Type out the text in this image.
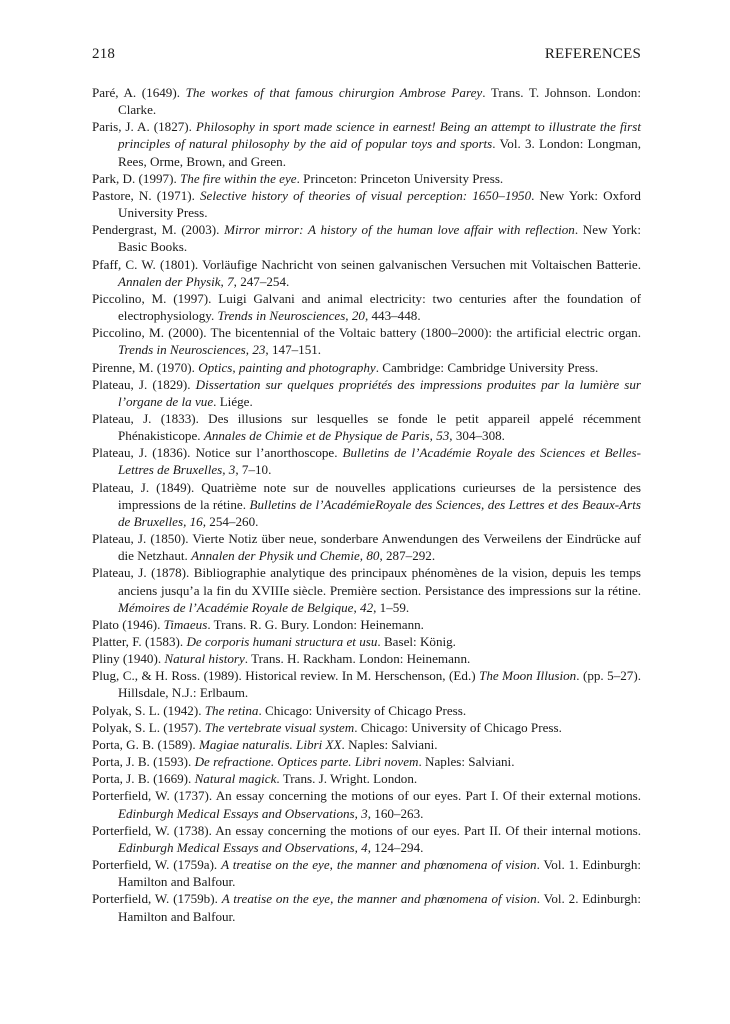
218	REFERENCES
Paré, A. (1649). The workes of that famous chirurgion Ambrose Parey. Trans. T. Johnson. London: Clarke.
Paris, J. A. (1827). Philosophy in sport made science in earnest! Being an attempt to illustrate the first principles of natural philosophy by the aid of popular toys and sports. Vol. 3. London: Longman, Rees, Orme, Brown, and Green.
Park, D. (1997). The fire within the eye. Princeton: Princeton University Press.
Pastore, N. (1971). Selective history of theories of visual perception: 1650–1950. New York: Oxford University Press.
Pendergrast, M. (2003). Mirror mirror: A history of the human love affair with reflection. New York: Basic Books.
Pfaff, C. W. (1801). Vorläufige Nachricht von seinen galvanischen Versuchen mit Voltaischen Batterie. Annalen der Physik, 7, 247–254.
Piccolino, M. (1997). Luigi Galvani and animal electricity: two centuries after the foundation of electrophysiology. Trends in Neurosciences, 20, 443–448.
Piccolino, M. (2000). The bicentennial of the Voltaic battery (1800–2000): the artificial electric organ. Trends in Neurosciences, 23, 147–151.
Pirenne, M. (1970). Optics, painting and photography. Cambridge: Cambridge University Press.
Plateau, J. (1829). Dissertation sur quelques propriétés des impressions produites par la lumière sur l’organe de la vue. Liége.
Plateau, J. (1833). Des illusions sur lesquelles se fonde le petit appareil appelé récemment Phénakisticope. Annales de Chimie et de Physique de Paris, 53, 304–308.
Plateau, J. (1836). Notice sur l’anorthoscope. Bulletins de l’Académie Royale des Sciences et Belles-Lettres de Bruxelles, 3, 7–10.
Plateau, J. (1849). Quatrième note sur de nouvelles applications curieurses de la persistence des impressions de la rétine. Bulletins de l’AcadémieRoyale des Sciences, des Lettres et des Beaux-Arts de Bruxelles, 16, 254–260.
Plateau, J. (1850). Vierte Notiz über neue, sonderbare Anwendungen des Verweilens der Eindrücke auf die Netzhaut. Annalen der Physik und Chemie, 80, 287–292.
Plateau, J. (1878). Bibliographie analytique des principaux phénomènes de la vision, depuis les temps anciens jusqu’a la fin du XVIIIe siècle. Première section. Persistance des impressions sur la rétine. Mémoires de l’Académie Royale de Belgique, 42, 1–59.
Plato (1946). Timaeus. Trans. R. G. Bury. London: Heinemann.
Platter, F. (1583). De corporis humani structura et usu. Basel: König.
Pliny (1940). Natural history. Trans. H. Rackham. London: Heinemann.
Plug, C., & H. Ross. (1989). Historical review. In M. Herschenson, (Ed.) The Moon Illusion. (pp. 5–27). Hillsdale, N.J.: Erlbaum.
Polyak, S. L. (1942). The retina. Chicago: University of Chicago Press.
Polyak, S. L. (1957). The vertebrate visual system. Chicago: University of Chicago Press.
Porta, G. B. (1589). Magiae naturalis. Libri XX. Naples: Salviani.
Porta, J. B. (1593). De refractione. Optices parte. Libri novem. Naples: Salviani.
Porta, J. B. (1669). Natural magick. Trans. J. Wright. London.
Porterfield, W. (1737). An essay concerning the motions of our eyes. Part I. Of their external motions. Edinburgh Medical Essays and Observations, 3, 160–263.
Porterfield, W. (1738). An essay concerning the motions of our eyes. Part II. Of their internal motions. Edinburgh Medical Essays and Observations, 4, 124–294.
Porterfield, W. (1759a). A treatise on the eye, the manner and phœnomena of vision. Vol. 1. Edinburgh: Hamilton and Balfour.
Porterfield, W. (1759b). A treatise on the eye, the manner and phœnomena of vision. Vol. 2. Edinburgh: Hamilton and Balfour.
